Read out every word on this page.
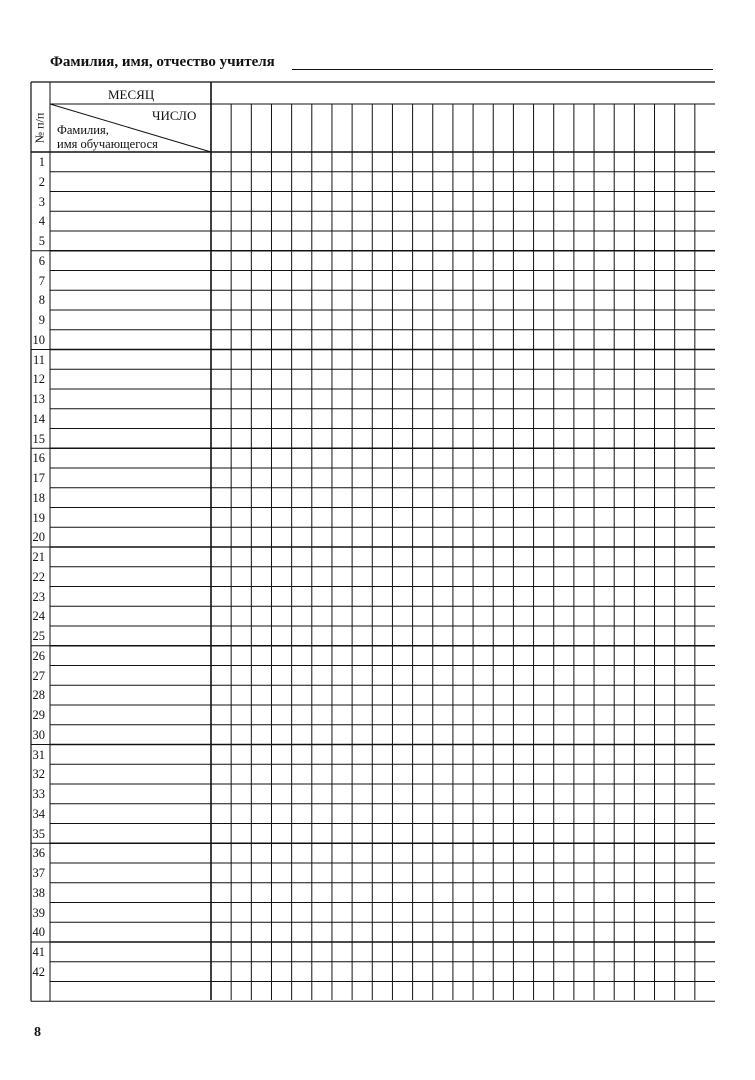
Фамилия, имя, отчество учителя
МЕСЯЦ
ЧИСЛО
Фамилия,
имя обучающегося
№ п/п
1
2
3
4
5
6
7
8
9
10
11
12
13
14
15
16
17
18
19
20
21
22
23
24
25
26
27
28
29
30
31
32
33
34
35
36
37
38
39
40
41
42
8
